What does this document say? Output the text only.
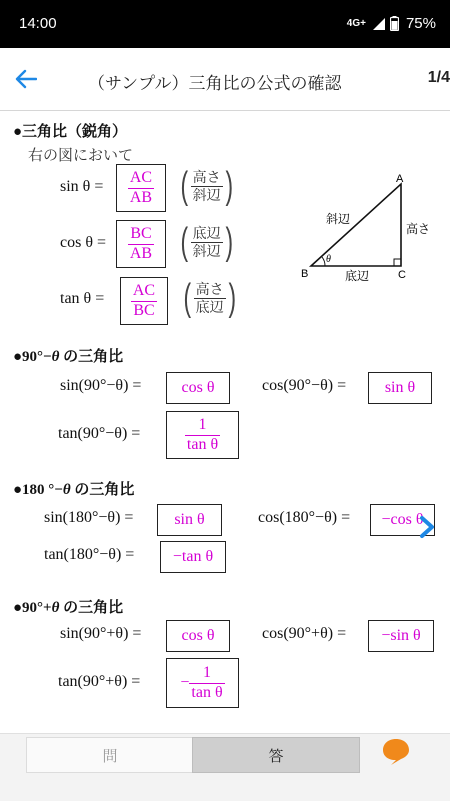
14:00	4G+	75%
（サンプル）三角比の公式の確認	1/4
●三角比（鋭角）
右の図において
$\sin \theta = \frac{AC}{AB}$ ( $\frac{\text{高さ}}{\text{斜辺}}$ )
$\cos \theta = \frac{BC}{AB}$ ( $\frac{\text{底辺}}{\text{斜辺}}$ )
$\tan \theta = \frac{AC}{BC}$ ( $\frac{\text{高さ}}{\text{底辺}}$ )
A
B	C
θ
斜辺
高さ
底辺
●90°−θ の三角比
sin(90°−θ) =	cos θ	cos(90°−θ) =	sin θ
tan(90°−θ) =	$\frac{1}{\text{tan θ}}$
●180 °−θ の三角比
sin(180°−θ) =	sin θ	cos(180°−θ) =	−cos θ
tan(180°−θ) =	−tan θ
●90°+θ の三角比
sin(90°+θ) =	cos θ	cos(90°+θ) =	−sin θ
tan(90°+θ) =	− $\frac{1}{\text{tan θ}}$
問	答
